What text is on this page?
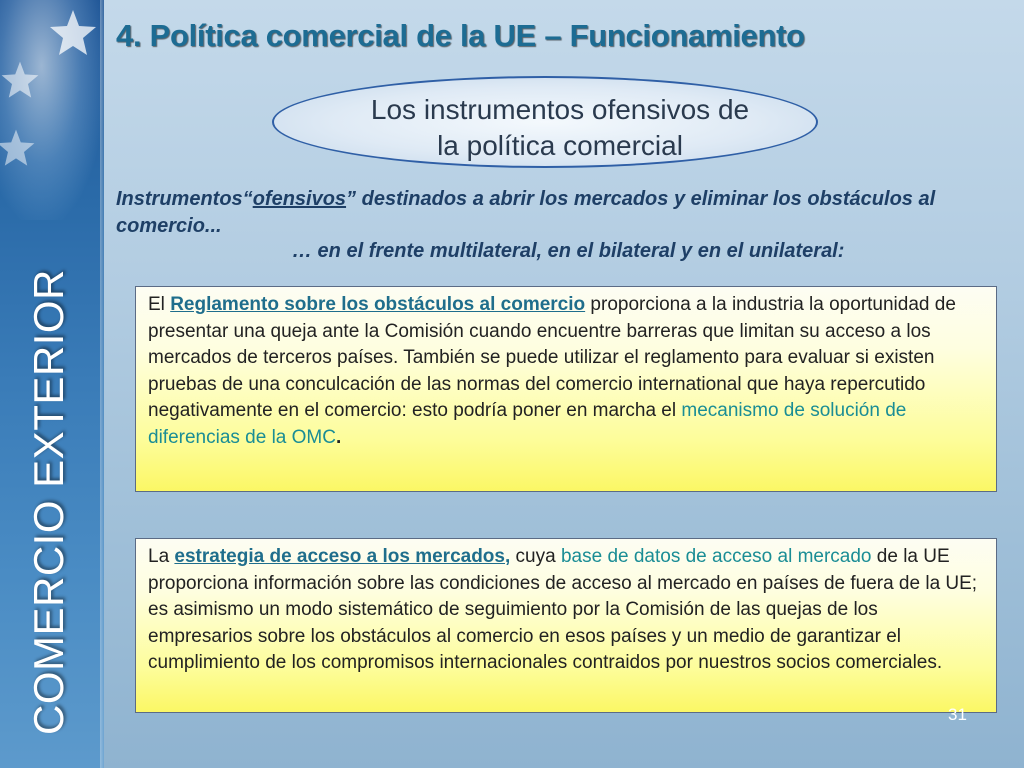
COMERCIO EXTERIOR
4. Política comercial de la UE – Funcionamiento
Los instrumentos ofensivos de
la política comercial
Instrumentos“ofensivos” destinados a abrir los mercados y eliminar los obstáculos al comercio...
… en el frente multilateral, en el bilateral y en el unilateral:
El Reglamento sobre los obstáculos al comercio proporciona a la industria la oportunidad de presentar una queja ante la Comisión cuando encuentre barreras que limitan su acceso a los mercados de terceros países. También se puede utilizar el reglamento para evaluar si existen pruebas de una conculcación de las normas del comercio international que haya repercutido negativamente en el comercio: esto podría poner en marcha el mecanismo de solución de diferencias de la OMC.
La estrategia de acceso a los mercados, cuya base de datos de acceso al mercado de la UE proporciona información sobre las condiciones de acceso al mercado en países de fuera de la UE; es asimismo un modo sistemático de seguimiento por la Comisión de las quejas de los empresarios sobre los obstáculos al comercio en esos países y un medio de garantizar el cumplimiento de los compromisos internacionales contraidos por nuestros socios comerciales.
31
